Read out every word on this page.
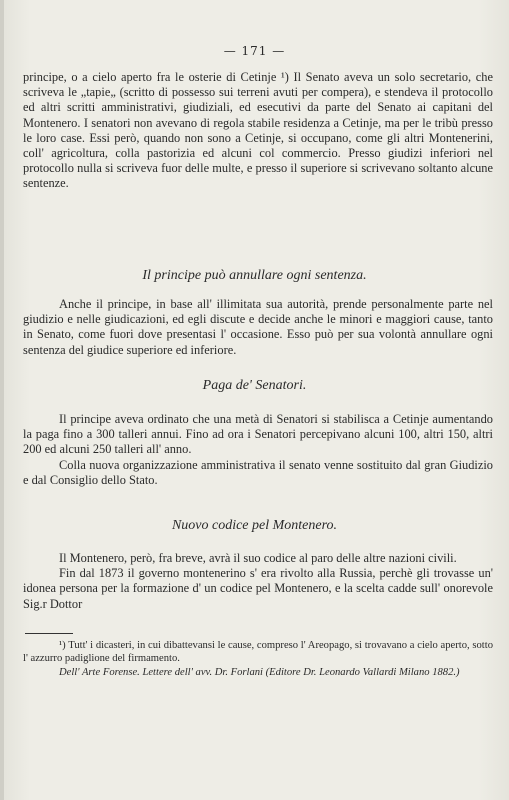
— 171 —

principe, o a cielo aperto fra le osterie di Cetinje ¹) Il Senato aveva un solo secretario, che scriveva le „tapie„ (scritto di possesso sui terreni avuti per compera), e stendeva il protocollo ed altri scritti amministrativi, giudiziali, ed esecutivi da parte del Senato ai capitani del Montenero. I senatori non avevano di regola stabile residenza a Cetinje, ma per le tribù presso le loro case. Essi però, quando non sono a Cetinje, si occupano, come gli altri Montenerini, coll' agricoltura, colla pastorizia ed alcuni col commercio. Presso giudizi inferiori nel protocollo nulla si scriveva fuor delle multe, e presso il superiore si scrivevano soltanto alcune sentenze.

Il principe può annullare ogni sentenza.

Anche il principe, in base all' illimitata sua autorità, prende personalmente parte nel giudizio e nelle giudicazioni, ed egli discute e decide anche le minori e maggiori cause, tanto in Senato, come fuori dove presentasi l' occasione. Esso può per sua volontà annullare ogni sentenza del giudice superiore ed inferiore.

Paga de' Senatori.

Il principe aveva ordinato che una metà di Senatori si stabilisca a Cetinje aumentando la paga fino a 300 talleri annui. Fino ad ora i Senatori percepivano alcuni 100, altri 150, altri 200 ed alcuni 250 talleri all' anno.

Colla nuova organizzazione amministrativa il senato venne sostituito dal gran Giudizio e dal Consiglio dello Stato.

Nuovo codice pel Montenero.

Il Montenero, però, fra breve, avrà il suo codice al paro delle altre nazioni civili.

Fin dal 1873 il governo montenerino s' era rivolto alla Russia, perchè gli trovasse un' idonea persona per la formazione d' un codice pel Montenero, e la scelta cadde sull' onorevole Sig.r Dottor

¹) Tutt' i dicasteri, in cui dibattevansi le cause, compreso l' Areopago, si trovavano a cielo aperto, sotto l' azzurro padiglione del firmamento.

Dell' Arte Forense. Lettere dell' avv. Dr. Forlani (Editore Dr. Leonardo Vallardi Milano 1882.)
